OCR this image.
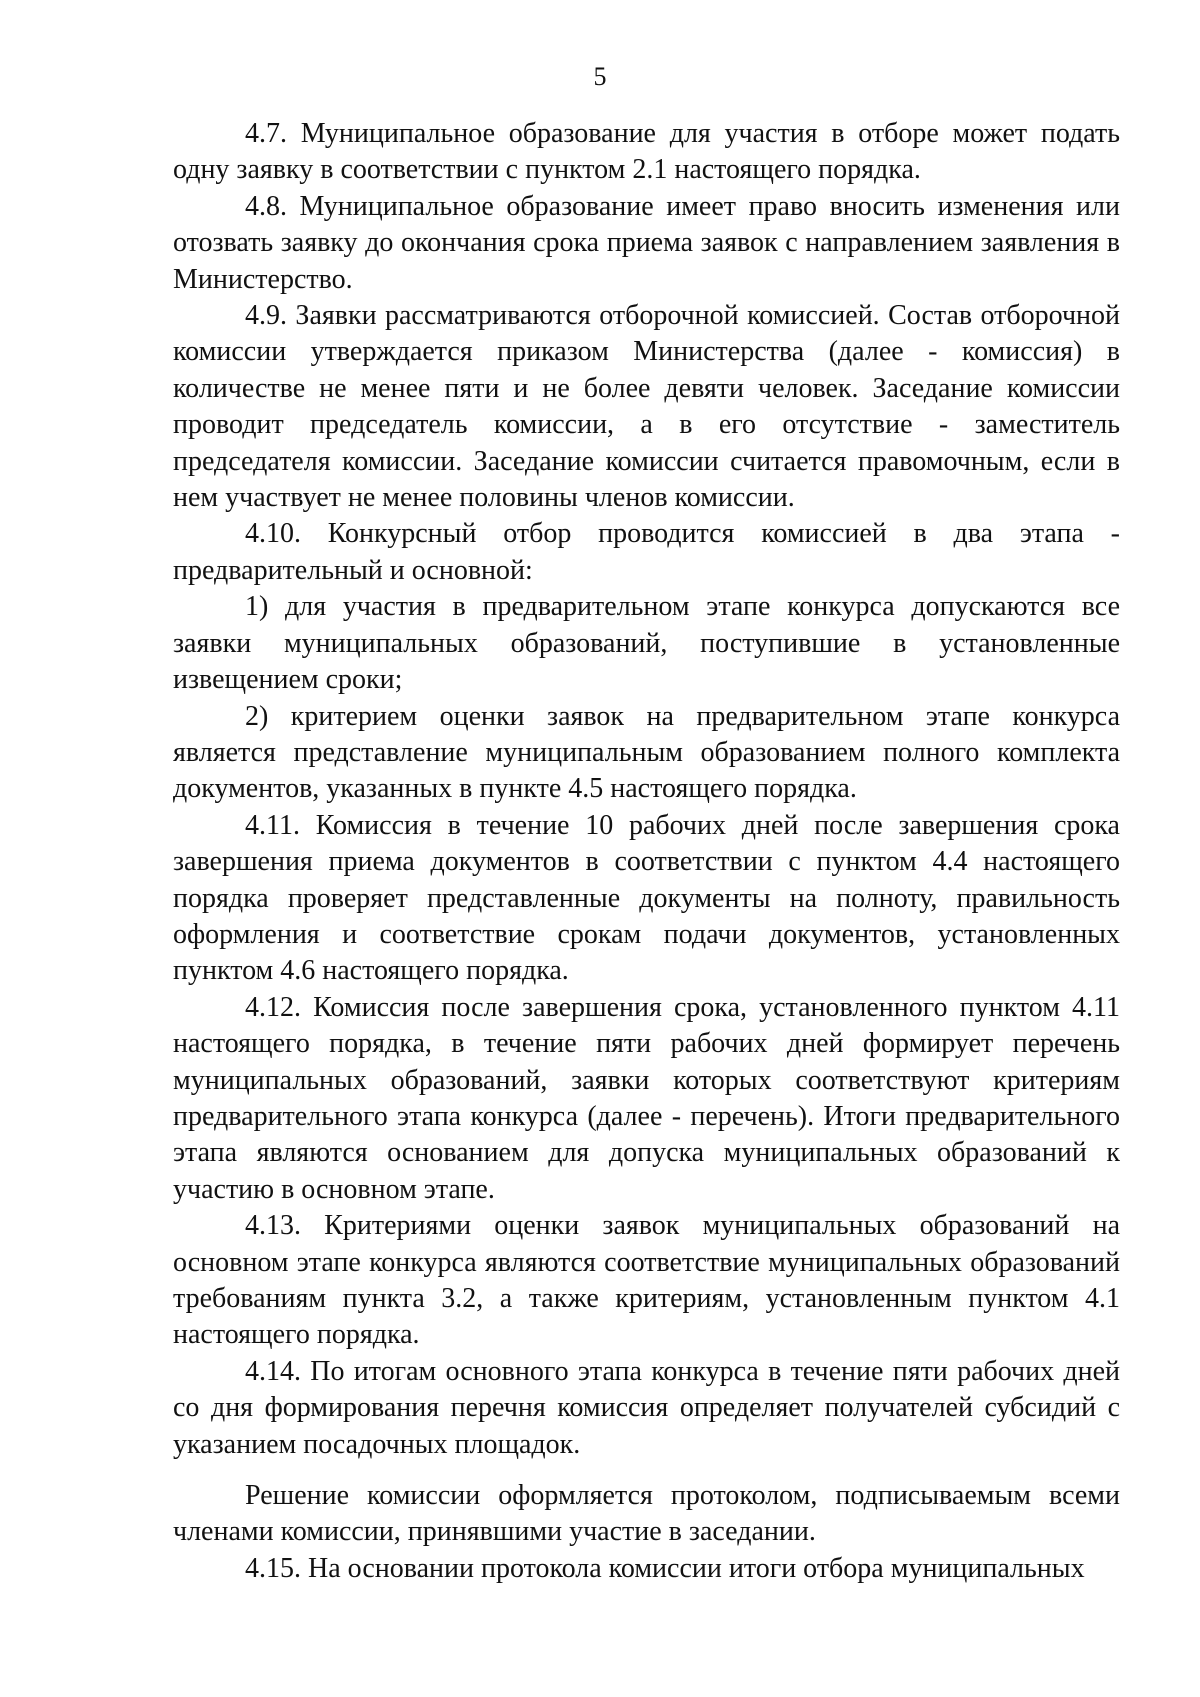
5

4.7. Муниципальное образование для участия в отборе может подать одну заявку в соответствии с пунктом 2.1 настоящего порядка.

4.8. Муниципальное образование имеет право вносить изменения или отозвать заявку до окончания срока приема заявок с направлением заявления в Министерство.

4.9. Заявки рассматриваются отборочной комиссией. Состав отборочной комиссии утверждается приказом Министерства (далее - комиссия) в количестве не менее пяти и не более девяти человек. Заседание комиссии проводит председатель комиссии, а в его отсутствие - заместитель председателя комиссии. Заседание комиссии считается правомочным, если в нем участвует не менее половины членов комиссии.

4.10. Конкурсный отбор проводится комиссией в два этапа - предварительный и основной:

1) для участия в предварительном этапе конкурса допускаются все заявки муниципальных образований, поступившие в установленные извещением сроки;

2) критерием оценки заявок на предварительном этапе конкурса является представление муниципальным образованием полного комплекта документов, указанных в пункте 4.5 настоящего порядка.

4.11. Комиссия в течение 10 рабочих дней после завершения срока завершения приема документов в соответствии с пунктом 4.4 настоящего порядка проверяет представленные документы на полноту, правильность оформления и соответствие срокам подачи документов, установленных пунктом 4.6 настоящего порядка.

4.12. Комиссия после завершения срока, установленного пунктом 4.11 настоящего порядка, в течение пяти рабочих дней формирует перечень муниципальных образований, заявки которых соответствуют критериям предварительного этапа конкурса (далее - перечень). Итоги предварительного этапа являются основанием для допуска муниципальных образований к участию в основном этапе.

4.13. Критериями оценки заявок муниципальных образований на основном этапе конкурса являются соответствие муниципальных образований требованиям пункта 3.2, а также критериям, установленным пунктом 4.1 настоящего порядка.

4.14. По итогам основного этапа конкурса в течение пяти рабочих дней со дня формирования перечня комиссия определяет получателей субсидий с указанием посадочных площадок.

Решение комиссии оформляется протоколом, подписываемым всеми членами комиссии, принявшими участие в заседании.

4.15. На основании протокола комиссии итоги отбора муниципальных
